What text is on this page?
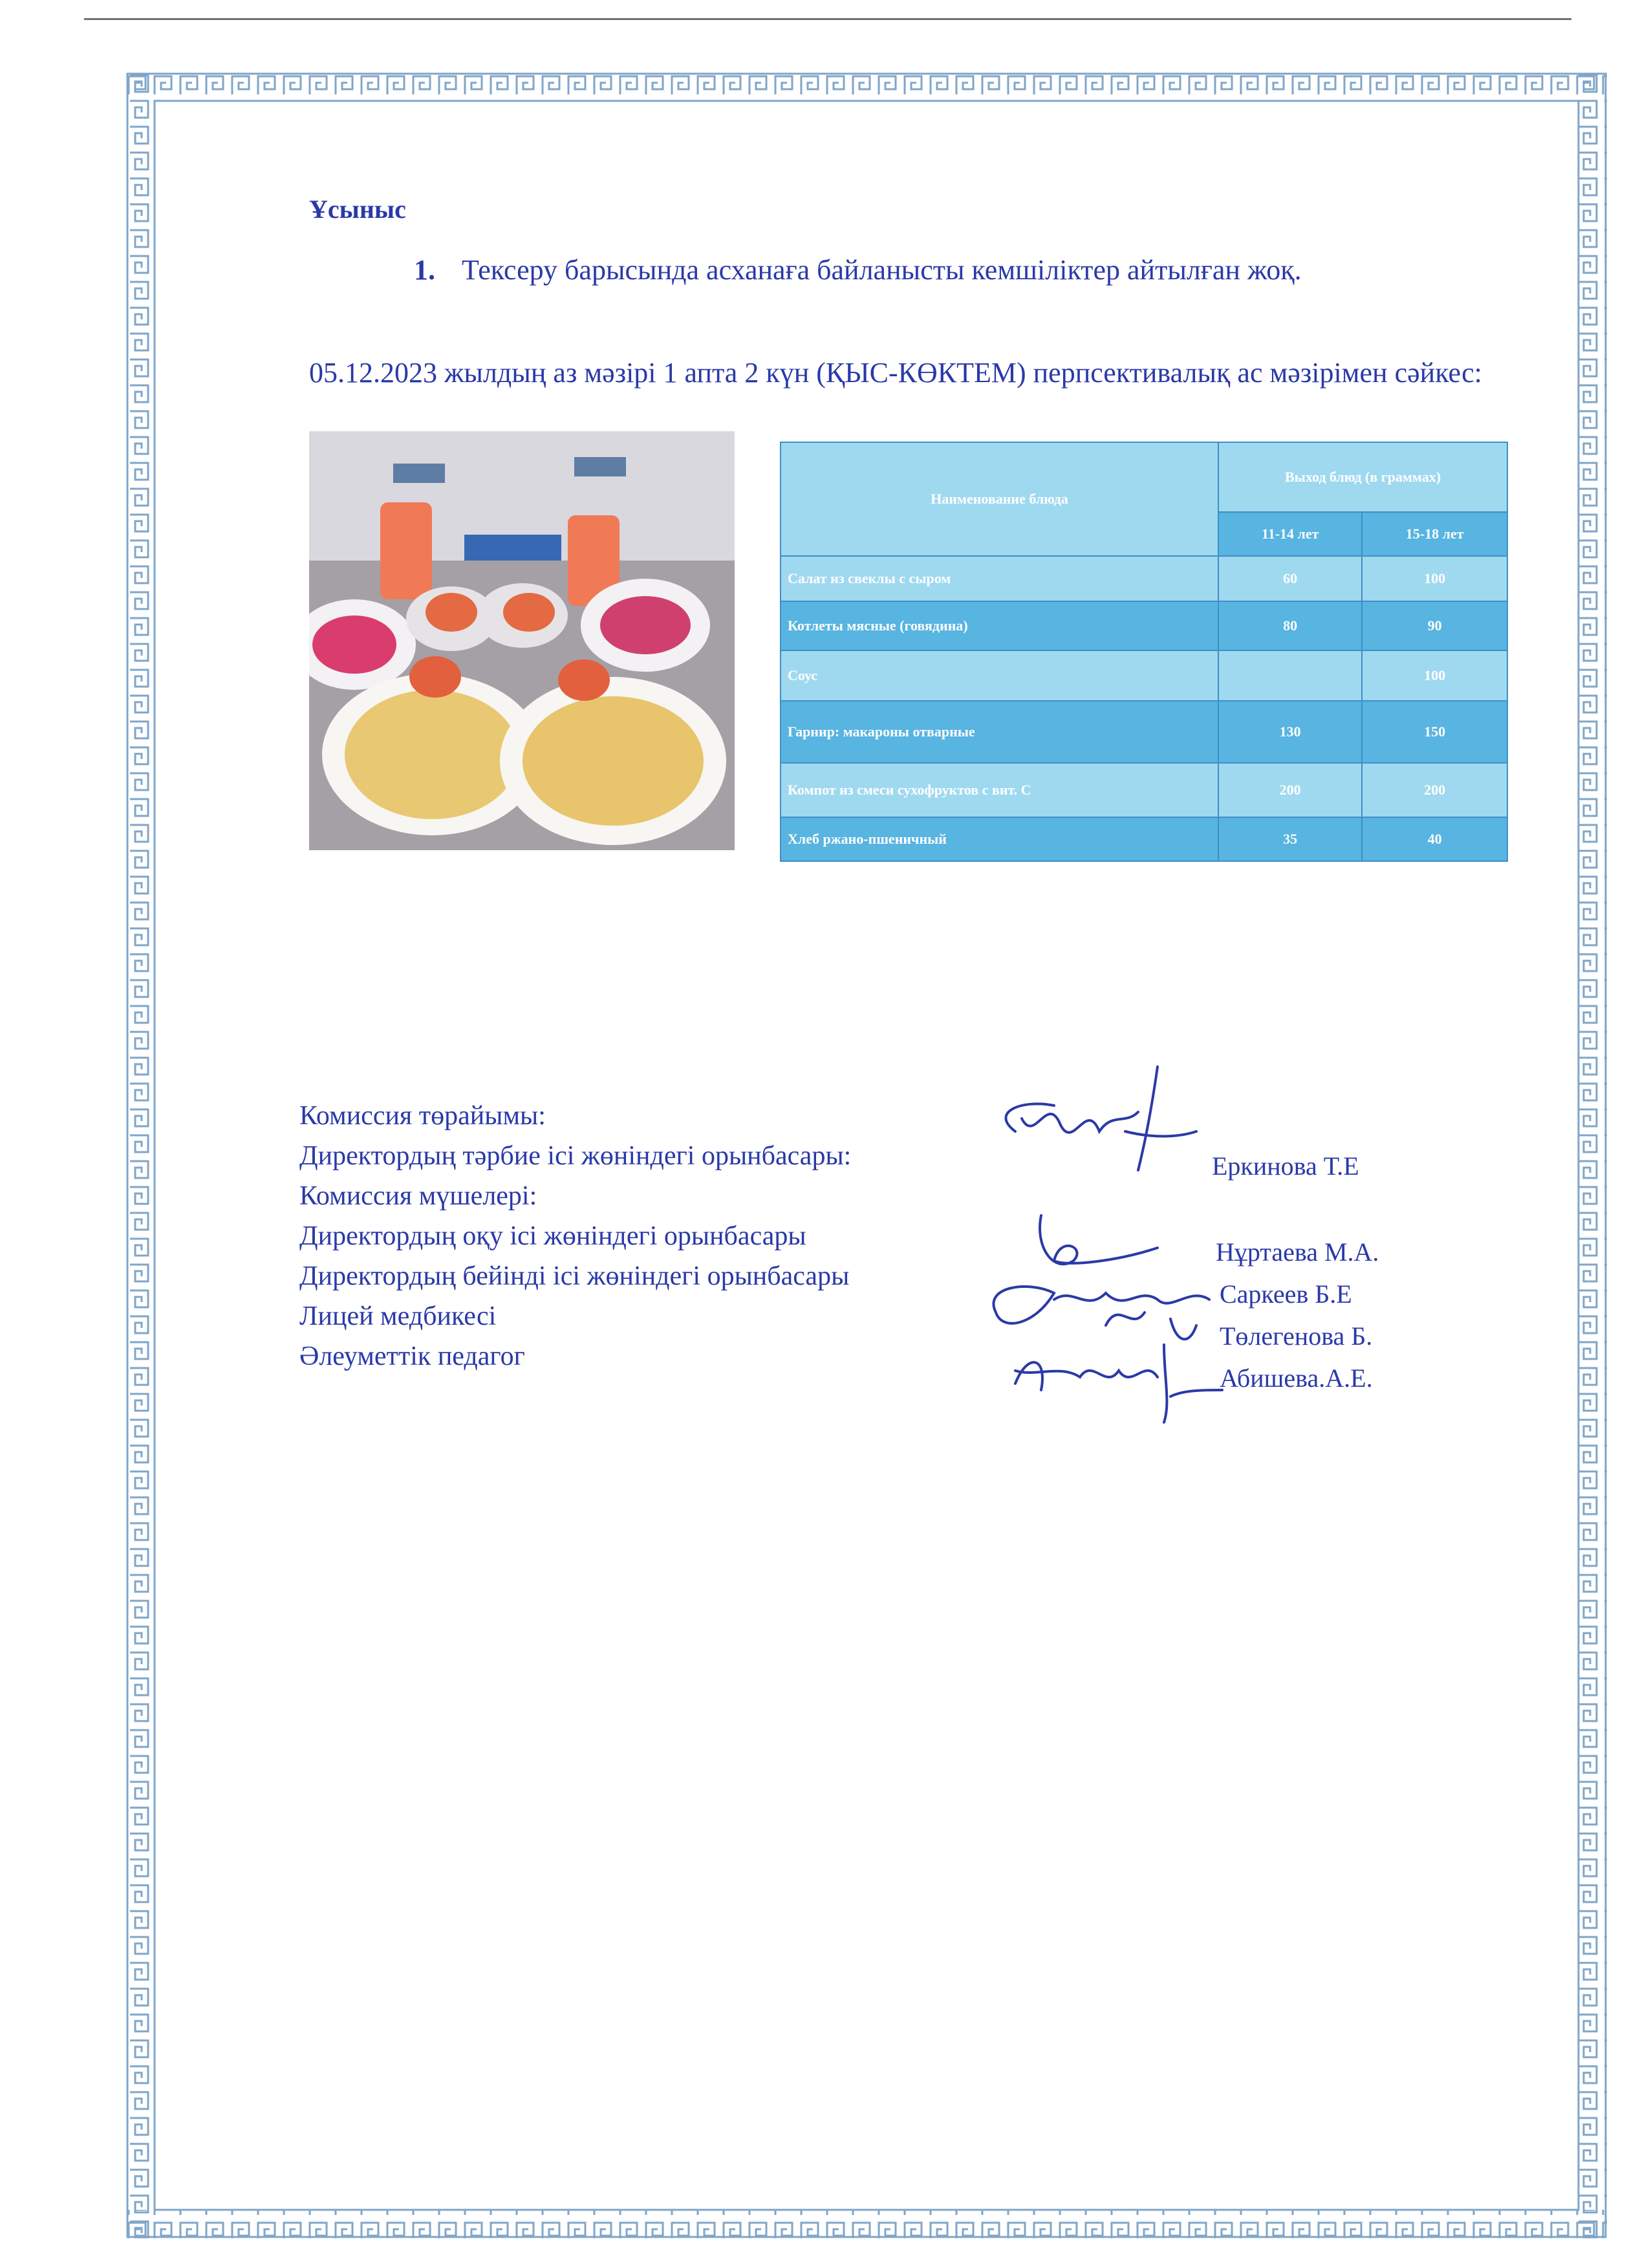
Ұсыныс
1. Тексеру барысында асханаға байланысты кемшіліктер айтылған жоқ.
05.12.2023 жылдың аз мәзірі 1 апта 2 күн (ҚЫС-КӨКТЕМ) перпсективалық ас мәзірімен сәйкес:
Наименование блюда	Выход блюд (в граммах)	
	11-14 лет	15-18 лет
Салат из свеклы с сыром	60	100
Котлеты мясные (говядина)	80	90
Соус		100
Гарнир: макароны отварные	130	150
Компот из смеси сухофруктов с вит. С	200	200
Хлеб ржано-пшеничный	35	40
Комиссия төрайымы:
Директордың тәрбие ісі жөніндегі орынбасары:
Комиссия мүшелері:
Директордың оқу ісі жөніндегі орынбасары
Директордың бейінді ісі жөніндегі орынбасары
Лицей медбикесі
Әлеуметтік педагог
Еркинова Т.Е
Нұртаева М.А.
Саркеев Б.Е
Төлегенова Б.
Абишева.А.Е.
